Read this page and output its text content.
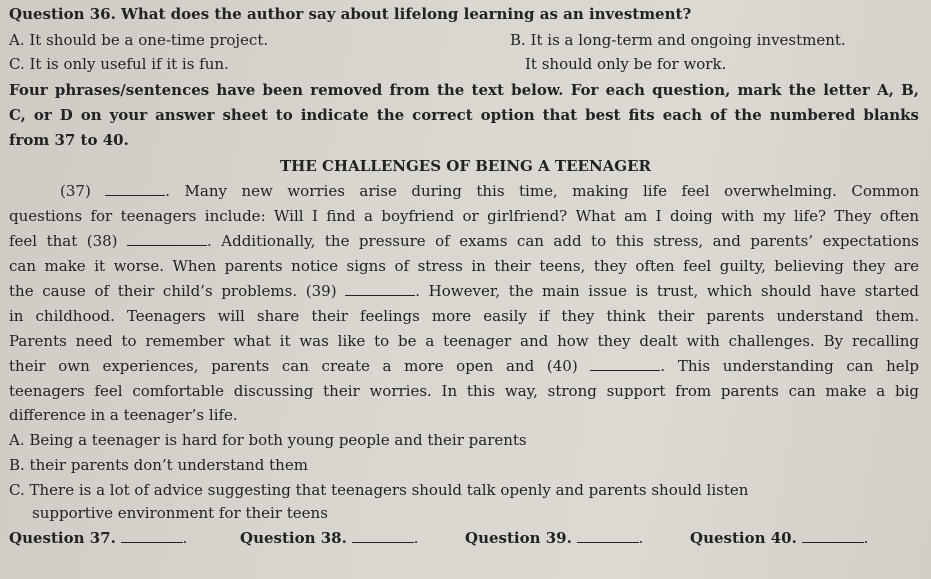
Question 36. What does the author say about lifelong learning as an investment?
A. It should be a one-time project.	B. It is a long-term and ongoing investment.
C. It is only useful if it is fun.	It should only be for work.
Four phrases/sentences have been removed from the text below. For each question, mark the letter A, B,
C, or D on your answer sheet to indicate the correct option that best fits each of the numbered blanks
from 37 to 40.
THE CHALLENGES OF BEING A TEENAGER
(37)	. Many new worries arise during this time, making life feel overwhelming. Common
questions for teenagers include: Will I find a boyfriend or girlfriend? What am I doing with my life? They often
feel that (38)	. Additionally, the pressure of exams can add to this stress, and parents’ expectations
can make it worse. When parents notice signs of stress in their teens, they often feel guilty, believing they are
the cause of their child’s problems. (39)	. However, the main issue is trust, which should have started
in childhood. Teenagers will share their feelings more easily if they think their parents understand them.
Parents need to remember what it was like to be a teenager and how they dealt with challenges. By recalling
their own experiences, parents can create a more open and (40)	. This understanding can help
teenagers feel comfortable discussing their worries. In this way, strong support from parents can make a big
difference in a teenager’s life.
A. Being a teenager is hard for both young people and their parents
B. their parents don’t understand them
C. There is a lot of advice suggesting that teenagers should talk openly and parents should listen
supportive environment for their teens
Question 37.	.	Question 38.	.	Question 39.	.	Question 40.	.
